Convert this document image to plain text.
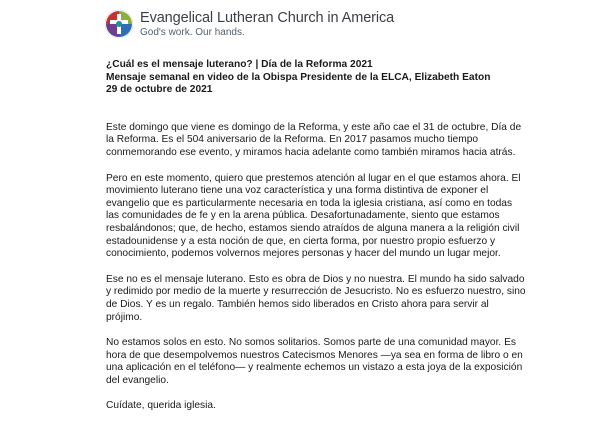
Evangelical Lutheran Church in America
God's work. Our hands.
¿Cuál es el mensaje luterano? | Día de la Reforma 2021
Mensaje semanal en video de la Obispa Presidente de la ELCA, Elizabeth Eaton
29 de octubre de 2021

Este domingo que viene es domingo de la Reforma, y este año cae el 31 de octubre, Día de la Reforma. Es el 504 aniversario de la Reforma. En 2017 pasamos mucho tiempo conmemorando ese evento, y miramos hacia adelante como también miramos hacia atrás.

Pero en este momento, quiero que prestemos atención al lugar en el que estamos ahora. El movimiento luterano tiene una voz característica y una forma distintiva de exponer el evangelio que es particularmente necesaria en toda la iglesia cristiana, así como en todas las comunidades de fe y en la arena pública. Desafortunadamente, siento que estamos resbalándonos; que, de hecho, estamos siendo atraídos de alguna manera a la religión civil estadounidense y a esta noción de que, en cierta forma, por nuestro propio esfuerzo y conocimiento, podemos volvernos mejores personas y hacer del mundo un lugar mejor.

Ese no es el mensaje luterano. Esto es obra de Dios y no nuestra. El mundo ha sido salvado y redimido por medio de la muerte y resurrección de Jesucristo. No es esfuerzo nuestro, sino de Dios. Y es un regalo. También hemos sido liberados en Cristo ahora para servir al prójimo.

No estamos solos en esto. No somos solitarios. Somos parte de una comunidad mayor. Es hora de que desempolvemos nuestros Catecismos Menores —ya sea en forma de libro o en una aplicación en el teléfono— y realmente echemos un vistazo a esta joya de la exposición del evangelio.

Cuídate, querida iglesia.
